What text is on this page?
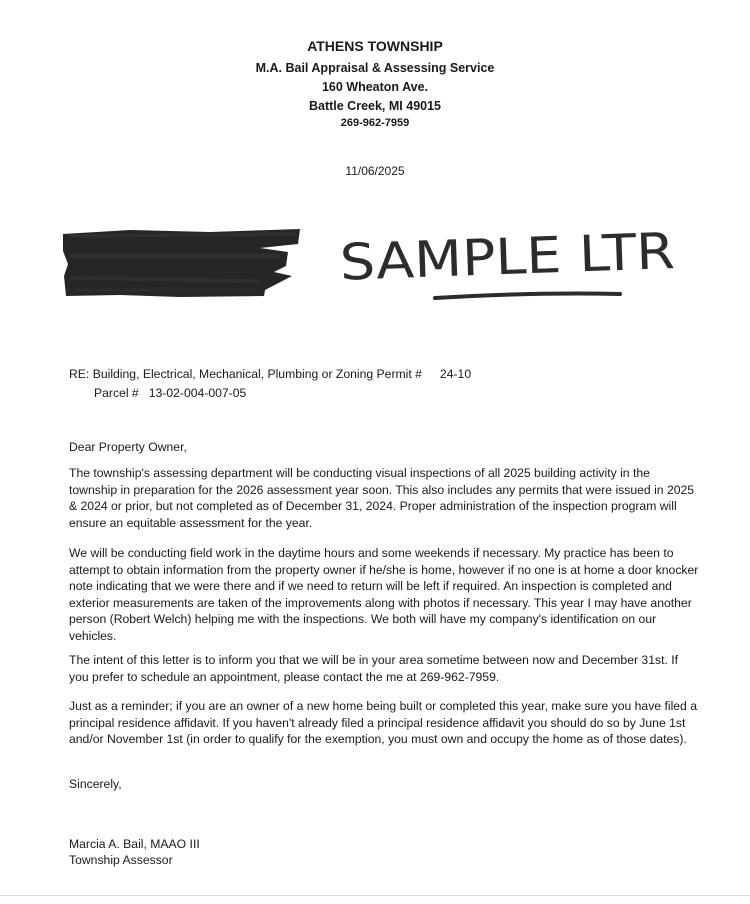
ATHENS TOWNSHIP
M.A. Bail Appraisal & Assessing Service
160 Wheaton Ave.
Battle Creek, MI 49015
269-962-7959
11/06/2025
SAMPLE LTR
RE: Building, Electrical, Mechanical, Plumbing or Zoning Permit # 24-10
Parcel # 13-02-004-007-05
Dear Property Owner,

The township's assessing department will be conducting visual inspections of all 2025 building activity in the township in preparation for the 2026 assessment year soon. This also includes any permits that were issued in 2025 & 2024 or prior, but not completed as of December 31, 2024. Proper administration of the inspection program will ensure an equitable assessment for the year.

We will be conducting field work in the daytime hours and some weekends if necessary. My practice has been to attempt to obtain information from the property owner if he/she is home, however if no one is at home a door knocker note indicating that we were there and if we need to return will be left if required. An inspection is completed and exterior measurements are taken of the improvements along with photos if necessary. This year I may have another person (Robert Welch) helping me with the inspections. We both will have my company's identification on our vehicles.

The intent of this letter is to inform you that we will be in your area sometime between now and December 31st. If you prefer to schedule an appointment, please contact the me at 269-962-7959.

Just as a reminder; if you are an owner of a new home being built or completed this year, make sure you have filed a principal residence affidavit. If you haven't already filed a principal residence affidavit you should do so by June 1st and/or November 1st (in order to qualify for the exemption, you must own and occupy the home as of those dates).

Sincerely,
Marcia A. Bail, MAAO III
Township Assessor
